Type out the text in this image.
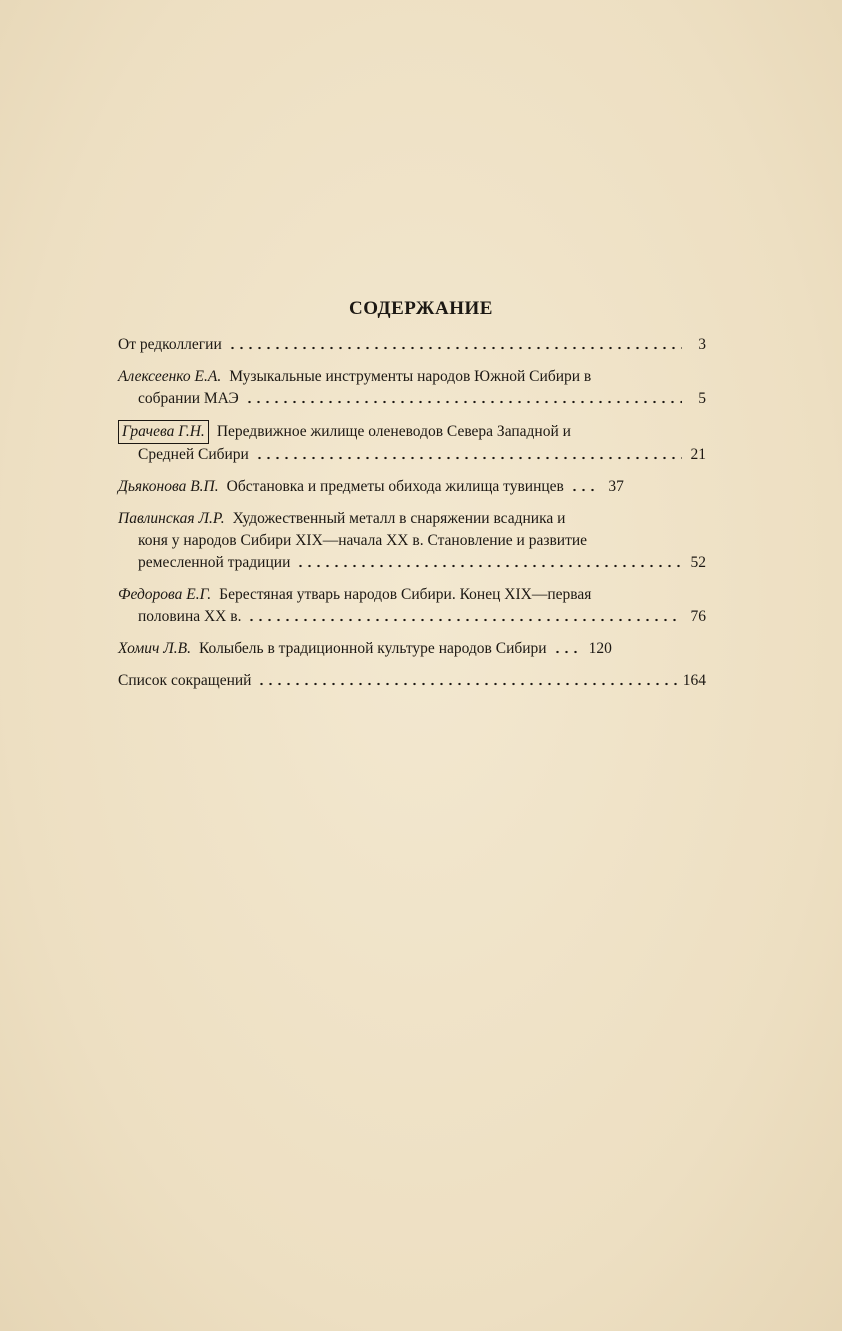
СОДЕРЖАНИЕ
От редколлегии	3
Алексеенко Е.А. Музыкальные инструменты народов Южной Сибири в
собрании МАЭ	5
Грачева Г.Н. Передвижное жилище оленеводов Севера Западной и
Средней Сибири	21
Дьяконова В.П. Обстановка и предметы обихода жилища тувинцев	37
Павлинская Л.Р. Художественный металл в снаряжении всадника и
коня у народов Сибири XIX—начала XX в. Становление и развитие
ремесленной традиции	52
Федорова Е.Г. Берестяная утварь народов Сибири. Конец XIX—первая
половина XX в.	76
Хомич Л.В. Колыбель в традиционной культуре народов Сибири	120
Список сокращений	164
